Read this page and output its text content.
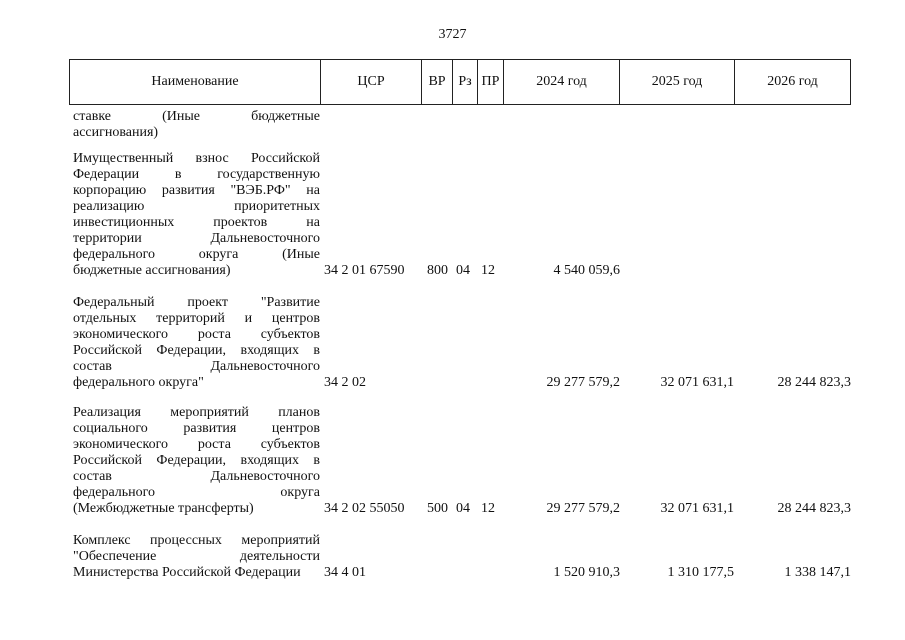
3727
Наименование	ЦСР	ВР Рз ПР	2024 год	2025 год	2026 год
ставке (Иные бюджетные
ассигнования)
Имущественный взнос Российской
Федерации в государственную
корпорацию развития "ВЭБ.РФ" на
реализацию приоритетных
инвестиционных проектов на
территории Дальневосточного
федерального округа (Иные
бюджетные ассигнования)	34 2 01 67590 800 04 12	4 540 059,6
Федеральный проект "Развитие
отдельных территорий и центров
экономического роста субъектов
Российской Федерации, входящих в
состав Дальневосточного
федерального округа"	34 2 02	29 277 579,2	32 071 631,1	28 244 823,3
Реализация мероприятий планов
социального развития центров
экономического роста субъектов
Российской Федерации, входящих в
состав Дальневосточного
федерального округа
(Межбюджетные трансферты)	34 2 02 55050 500 04 12	29 277 579,2	32 071 631,1	28 244 823,3
Комплекс процессных мероприятий
"Обеспечение деятельности
Министерства Российской Федерации	34 4 01	1 520 910,3	1 310 177,5	1 338 147,1
